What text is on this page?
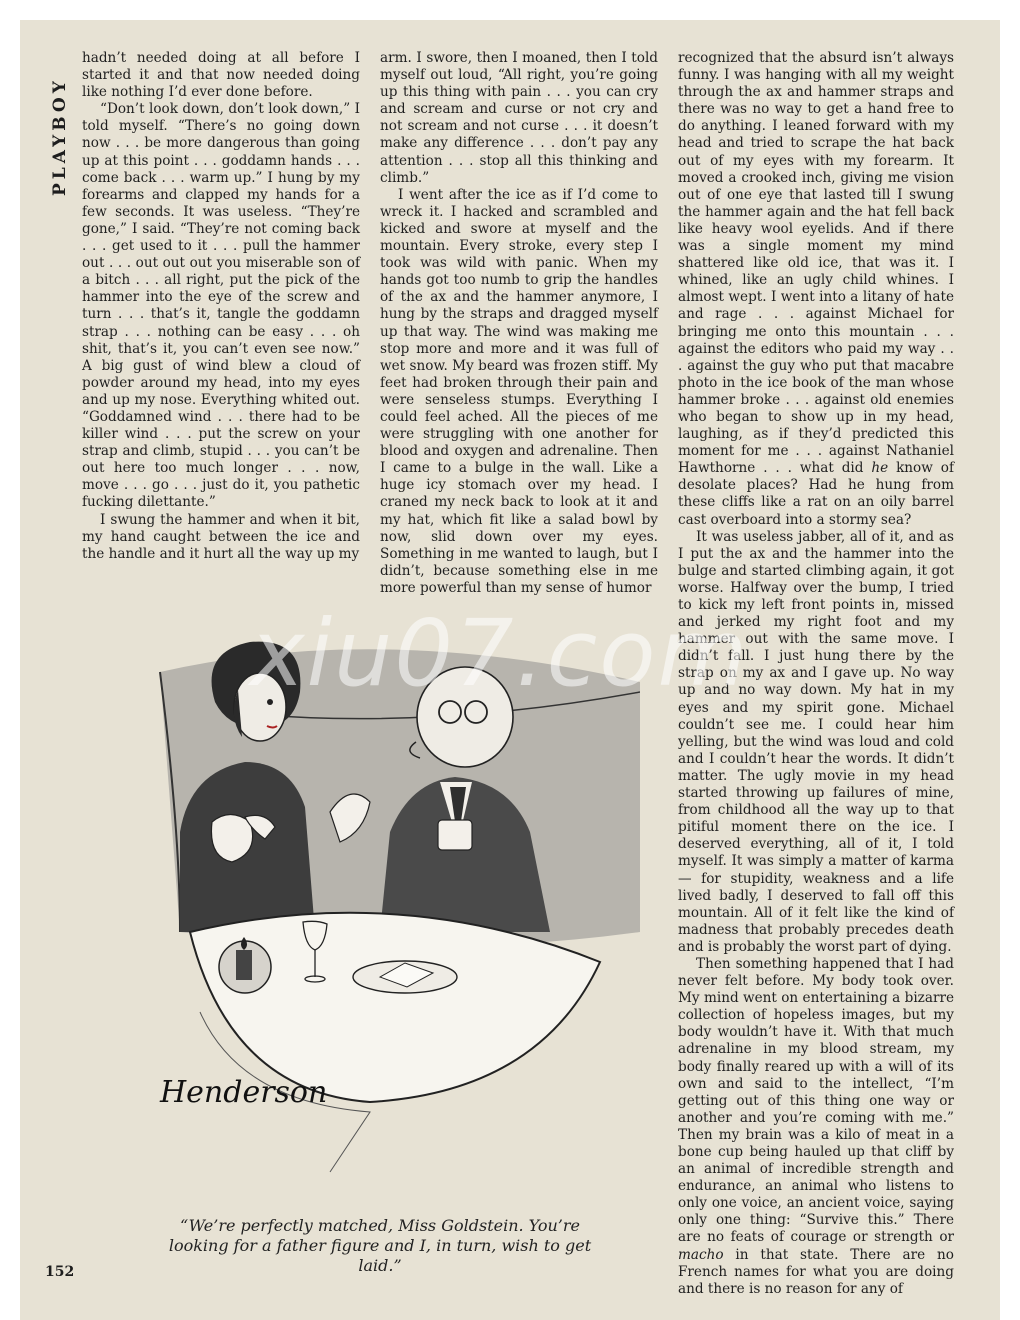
PLAYBOY

hadn’t needed doing at all before I started it and that now needed doing like nothing I’d ever done before.

“Don’t look down, don’t look down,” I told myself. “There’s no going down now . . . be more dangerous than going up at this point . . . goddamn hands . . . come back . . . warm up.” I hung by my forearms and clapped my hands for a few seconds. It was useless. “They’re gone,” I said. “They’re not coming back . . . get used to it . . . pull the hammer out . . . out out out you miserable son of a bitch . . . all right, put the pick of the hammer into the eye of the screw and turn . . . that’s it, tangle the goddamn strap . . . nothing can be easy . . . oh shit, that’s it, you can’t even see now.” A big gust of wind blew a cloud of powder around my head, into my eyes and up my nose. Everything whited out. “Goddamned wind . . . there had to be killer wind . . . put the screw on your strap and climb, stupid . . . you can’t be out here too much longer . . . now, move . . . go . . . just do it, you pathetic fucking dilettante.”

I swung the hammer and when it bit, my hand caught between the ice and the handle and it hurt all the way up my

arm. I swore, then I moaned, then I told myself out loud, “All right, you’re going up this thing with pain . . . you can cry and scream and curse or not cry and not scream and not curse . . . it doesn’t make any difference . . . don’t pay any attention . . . stop all this thinking and climb.”

I went after the ice as if I’d come to wreck it. I hacked and scrambled and kicked and swore at myself and the mountain. Every stroke, every step I took was wild with panic. When my hands got too numb to grip the handles of the ax and the hammer anymore, I hung by the straps and dragged myself up that way. The wind was making me stop more and more and it was full of wet snow. My beard was frozen stiff. My feet had broken through their pain and were senseless stumps. Everything I could feel ached. All the pieces of me were struggling with one another for blood and oxygen and adrenaline. Then I came to a bulge in the wall. Like a huge icy stomach over my head. I craned my neck back to look at it and my hat, which fit like a salad bowl by now, slid down over my eyes. Something in me wanted to laugh, but I didn’t, because something else in me more powerful than my sense of humor

recognized that the absurd isn’t always funny. I was hanging with all my weight through the ax and hammer straps and there was no way to get a hand free to do anything. I leaned forward with my head and tried to scrape the hat back out of my eyes with my forearm. It moved a crooked inch, giving me vision out of one eye that lasted till I swung the hammer again and the hat fell back like heavy wool eyelids. And if there was a single moment my mind shattered like old ice, that was it. I whined, like an ugly child whines. I almost wept. I went into a litany of hate and rage . . . against Michael for bringing me onto this mountain . . . against the editors who paid my way . . . against the guy who put that macabre photo in the ice book of the man whose hammer broke . . . against old enemies who began to show up in my head, laughing, as if they’d predicted this moment for me . . . against Nathaniel Hawthorne . . . what did he know of desolate places? Had he hung from these cliffs like a rat on an oily barrel cast overboard into a stormy sea?

It was useless jabber, all of it, and as I put the ax and the hammer into the bulge and started climbing again, it got worse. Halfway over the bump, I tried to kick my left front points in, missed and jerked my right foot and my hammer out with the same move. I didn’t fall. I just hung there by the strap on my ax and I gave up. No way up and no way down. My hat in my eyes and my spirit gone. Michael couldn’t see me. I could hear him yelling, but the wind was loud and cold and I couldn’t hear the words. It didn’t matter. The ugly movie in my head started throwing up failures of mine, from childhood all the way up to that pitiful moment there on the ice. I deserved everything, all of it, I told myself. It was simply a matter of karma— for stupidity, weakness and a life lived badly, I deserved to fall off this mountain. All of it felt like the kind of madness that probably precedes death and is probably the worst part of dying.

Then something happened that I had never felt before. My body took over. My mind went on entertaining a bizarre collection of hopeless images, but my body wouldn’t have it. With that much adrenaline in my blood stream, my body finally reared up with a will of its own and said to the intellect, “I’m getting out of this thing one way or another and you’re coming with me.” Then my brain was a kilo of meat in a bone cup being hauled up that cliff by an animal of incredible strength and endurance, an animal who listens to only one voice, an ancient voice, saying only one thing: “Survive this.” There are no feats of courage or strength or macho in that state. There are no French names for what you are doing and there is no reason for any of

Henderson
“We’re perfectly matched, Miss Goldstein. You’re looking for a father figure and I, in turn, wish to get laid.”
152
xiu07.com
